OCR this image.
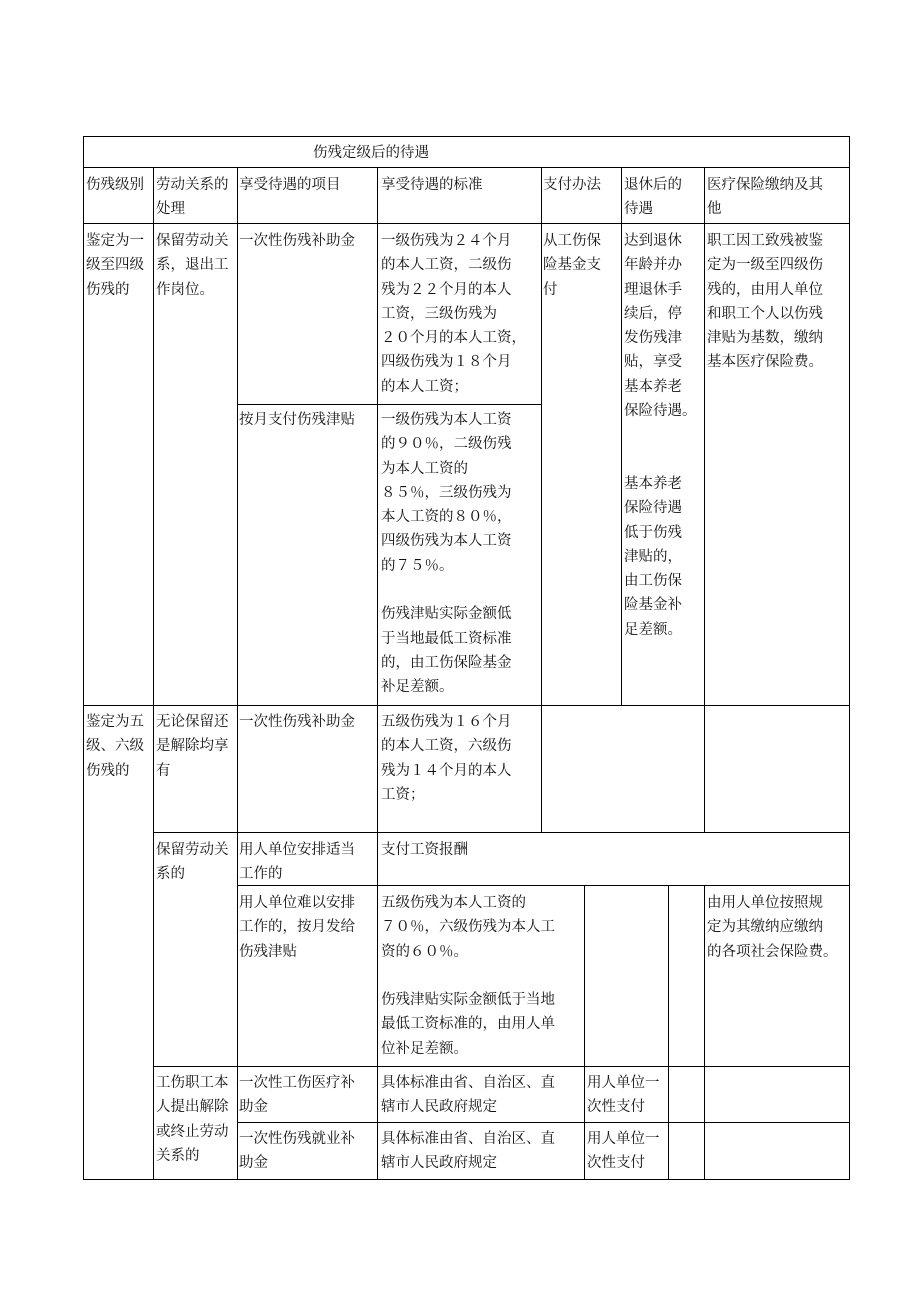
伤残定级后的待遇
伤残级别 劳动关系的
处理
享受待遇的项目	享受待遇的标准	支付办法 退休后的
待遇
医疗保险缴纳及其
他
鉴定为一
级至四级
伤残的
保留劳动关
系，退出工
作岗位。
一次性伤残补助金 一级伤残为２４个月
的本人工资，二级伤
残为２２个月的本人
工资，三级伤残为
２０个月的本人工资，
四级伤残为１８个月
的本人工资；
从工伤保
险基金支
付
达到退休
年龄并办
理退休手
续后，停
发伤残津
贴，享受
基本养老
保险待遇。

基本养老
保险待遇
低于伤残
津贴的，
由工伤保
险基金补
足差额。
职工因工致残被鉴
定为一级至四级伤
残的，由用人单位
和职工个人以伤残
津贴为基数，缴纳
基本医疗保险费。
按月支付伤残津贴 一级伤残为本人工资
的９０％，二级伤残
为本人工资的
８５％，三级伤残为
本人工资的８０％，
四级伤残为本人工资
的７５％。

伤残津贴实际金额低
于当地最低工资标准
的，由工伤保险基金
补足差额。
鉴定为五
级、六级
伤残的
无论保留还
是解除均享
有
一次性伤残补助金 五级伤残为１６个月
的本人工资，六级伤
残为１４个月的本人
工资；
保留劳动关
系的
用人单位安排适当
工作的
支付工资报酬
用人单位难以安排
工作的，按月发给
伤残津贴
五级伤残为本人工资的
７０％，六级伤残为本人工
资的６０％。

伤残津贴实际金额低于当地
最低工资标准的，由用人单
位补足差额。
由用人单位按照规
定为其缴纳应缴纳
的各项社会保险费。
工伤职工本
人提出解除
或终止劳动
关系的
一次性工伤医疗补
助金
具体标准由省、自治区、直
辖市人民政府规定
用人单位一
次性支付
一次性伤残就业补
助金
具体标准由省、自治区、直
辖市人民政府规定
用人单位一
次性支付
